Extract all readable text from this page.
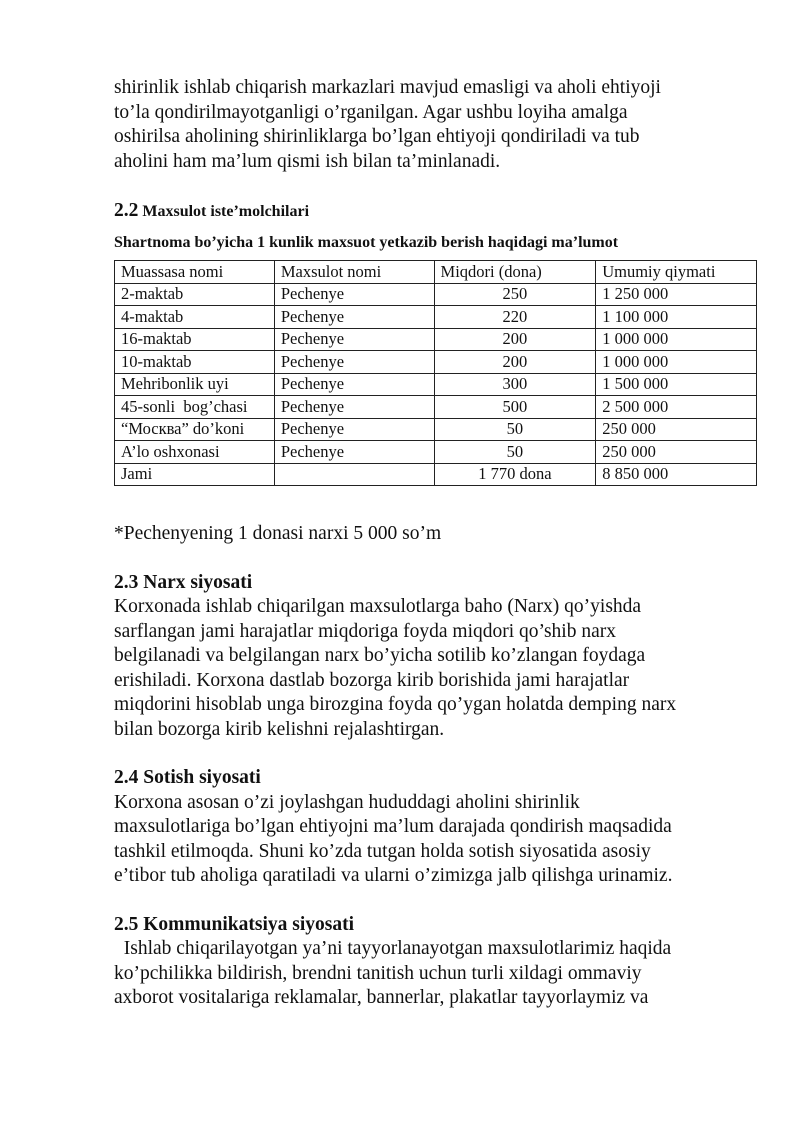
shirinlik ishlab chiqarish markazlari mavjud emasligi va aholi ehtiyoji
to’la qondirilmayotganligi o’rganilgan. Agar ushbu loyiha amalga
oshirilsa aholining shirinliklarga bo’lgan ehtiyoji qondiriladi va tub
aholini ham ma’lum qismi ish bilan ta’minlanadi.

2.2 Maxsulot iste’molchilari

Shartnoma bo’yicha 1 kunlik maxsuot yetkazib berish haqidagi ma’lumot

Muassasa nomi	Maxsulot nomi	Miqdori (dona)	Umumiy qiymati
2-maktab	Pechenye	250	1 250 000
4-maktab	Pechenye	220	1 100 000
16-maktab	Pechenye	200	1 000 000
10-maktab	Pechenye	200	1 000 000
Mehribonlik uyi	Pechenye	300	1 500 000
45-sonli  bog’chasi	Pechenye	500	2 500 000
“Москва” do’koni	Pechenye	50	250 000
A’lo oshxonasi	Pechenye	50	250 000
Jami		1 770 dona	8 850 000

*Pechenyening 1 donasi narxi 5 000 so’m

2.3 Narx siyosati

Korxonada ishlab chiqarilgan maxsulotlarga baho (Narx) qo’yishda
sarflangan jami harajatlar miqdoriga foyda miqdori qo’shib narx
belgilanadi va belgilangan narx bo’yicha sotilib ko’zlangan foydaga
erishiladi. Korxona dastlab bozorga kirib borishida jami harajatlar
miqdorini hisoblab unga birozgina foyda qo’ygan holatda demping narx
bilan bozorga kirib kelishni rejalashtirgan.

2.4 Sotish siyosati

Korxona asosan o’zi joylashgan hududdagi aholini shirinlik
maxsulotlariga bo’lgan ehtiyojni ma’lum darajada qondirish maqsadida
tashkil etilmoqda. Shuni ko’zda tutgan holda sotish siyosatida asosiy
e’tibor tub aholiga qaratiladi va ularni o’zimizga jalb qilishga urinamiz.

2.5 Kommunikatsiya siyosati

Ishlab chiqarilayotgan ya’ni tayyorlanayotgan maxsulotlarimiz haqida
ko’pchilikka bildirish, brendni tanitish uchun turli xildagi ommaviy
axborot vositalariga reklamalar, bannerlar, plakatlar tayyorlaymiz va
